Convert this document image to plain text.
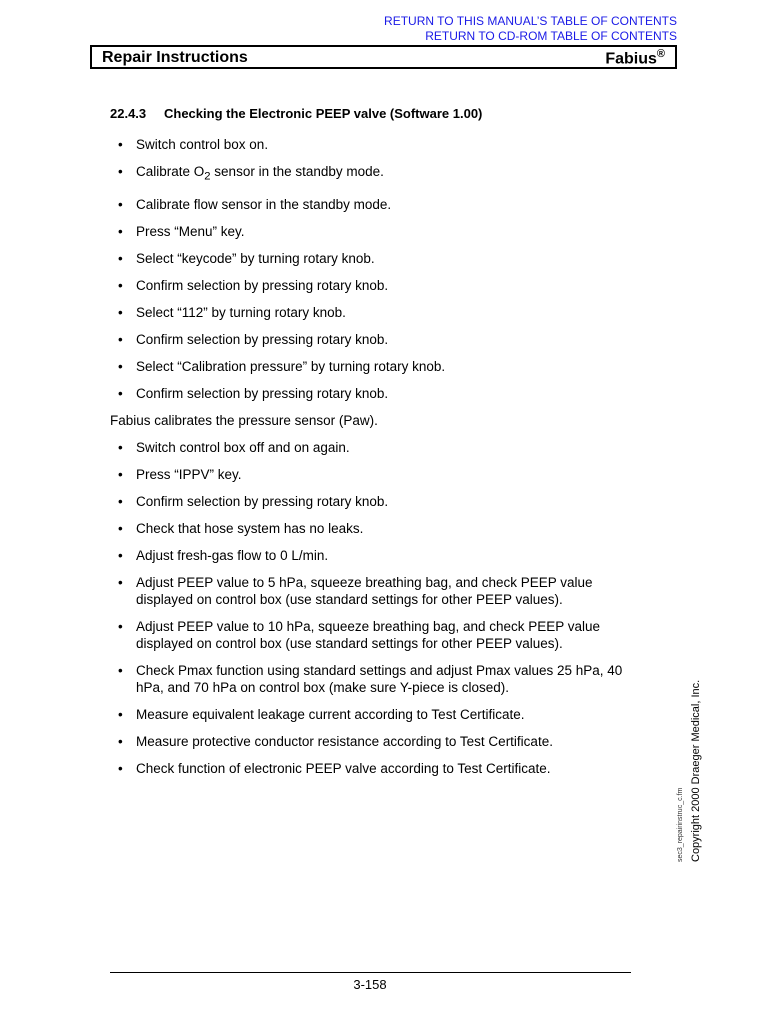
RETURN TO THIS MANUAL’S TABLE OF CONTENTS
RETURN TO CD-ROM TABLE OF CONTENTS
Repair Instructions	Fabius®
22.4.3 Checking the Electronic PEEP valve (Software 1.00)
• Switch control box on.
• Calibrate $O_2$ sensor in the standby mode.
• Calibrate flow sensor in the standby mode.
• Press “Menu” key.
• Select “keycode” by turning rotary knob.
• Confirm selection by pressing rotary knob.
• Select “112” by turning rotary knob.
• Confirm selection by pressing rotary knob.
• Select “Calibration pressure” by turning rotary knob.
• Confirm selection by pressing rotary knob.

Fabius calibrates the pressure sensor (Paw).

• Switch control box off and on again.
• Press “IPPV” key.
• Confirm selection by pressing rotary knob.
• Check that hose system has no leaks.
• Adjust fresh-gas flow to 0 L/min.
• Adjust PEEP value to 5 hPa, squeeze breathing bag, and check PEEP value displayed on control box (use standard settings for other PEEP values).
• Adjust PEEP value to 10 hPa, squeeze breathing bag, and check PEEP value displayed on control box (use standard settings for other PEEP values).
• Check Pmax function using standard settings and adjust Pmax values 25 hPa, 40 hPa, and 70 hPa on control box (make sure Y-piece is closed).
• Measure equivalent leakage current according to Test Certificate.
• Measure protective conductor resistance according to Test Certificate.
• Check function of electronic PEEP valve according to Test Certificate.
sec3_repairinstruc_c.fm Copyright 2000 Draeger Medical, Inc.
3-158
